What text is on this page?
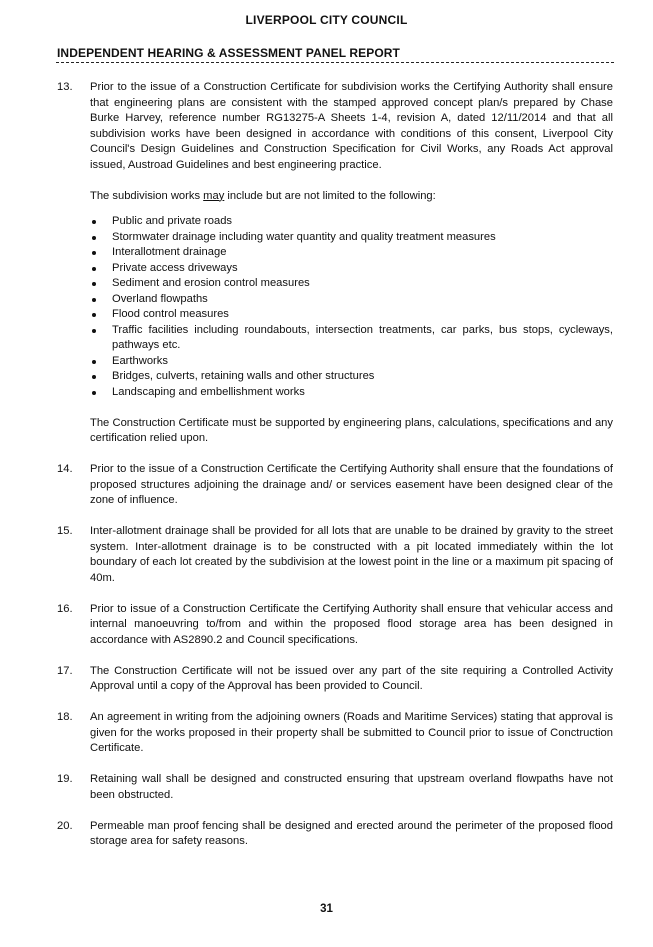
LIVERPOOL CITY COUNCIL
INDEPENDENT HEARING & ASSESSMENT PANEL REPORT
13.	Prior to the issue of a Construction Certificate for subdivision works the Certifying Authority shall ensure that engineering plans are consistent with the stamped approved concept plan/s prepared by Chase Burke Harvey, reference number RG13275-A Sheets 1-4, revision A, dated 12/11/2014 and that all subdivision works have been designed in accordance with conditions of this consent, Liverpool City Council's Design Guidelines and Construction Specification for Civil Works, any Roads Act approval issued, Austroad Guidelines and best engineering practice.

The subdivision works may include but are not limited to the following:

Public and private roads
Stormwater drainage including water quantity and quality treatment measures
Interallotment drainage
Private access driveways
Sediment and erosion control measures
Overland flowpaths
Flood control measures
Traffic facilities including roundabouts, intersection treatments, car parks, bus stops, cycleways, pathways etc.
Earthworks
Bridges, culverts, retaining walls and other structures
Landscaping and embellishment works

The Construction Certificate must be supported by engineering plans, calculations, specifications and any certification relied upon.

14.	Prior to the issue of a Construction Certificate the Certifying Authority shall ensure that the foundations of proposed structures adjoining the drainage and/ or services easement have been designed clear of the zone of influence.

15.	Inter-allotment drainage shall be provided for all lots that are unable to be drained by gravity to the street system. Inter-allotment drainage is to be constructed with a pit located immediately within the lot boundary of each lot created by the subdivision at the lowest point in the line or a maximum pit spacing of 40m.

16.	Prior to issue of a Construction Certificate the Certifying Authority shall ensure that vehicular access and internal manoeuvring to/from and within the proposed flood storage area has been designed in accordance with AS2890.2 and Council specifications.

17.	The Construction Certificate will not be issued over any part of the site requiring a Controlled Activity Approval until a copy of the Approval has been provided to Council.

18.	An agreement in writing from the adjoining owners (Roads and Maritime Services) stating that approval is given for the works proposed in their property shall be submitted to Council prior to issue of Conctruction Certificate.

19.	Retaining wall shall be designed and constructed ensuring that upstream overland flowpaths have not been obstructed.

20.	Permeable man proof fencing shall be designed and erected around the perimeter of the proposed flood storage area for safety reasons.

31
